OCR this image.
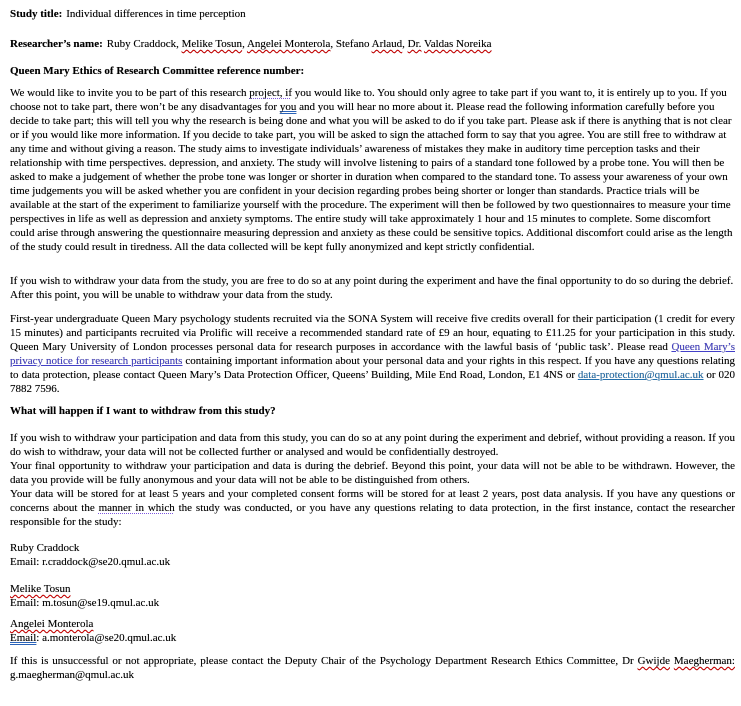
Study title: Individual differences in time perception

Researcher’s name: Ruby Craddock, Melike Tosun, Angelei Monterola, Stefano Arlaud, Dr. Valdas Noreika

Queen Mary Ethics of Research Committee reference number:

We would like to invite you to be part of this research project, if you would like to. You should only agree to take part if you want to, it is entirely up to you. If you choose not to take part, there won’t be any disadvantages for you and you will hear no more about it. Please read the following information carefully before you decide to take part; this will tell you why the research is being done and what you will be asked to do if you take part. Please ask if there is anything that is not clear or if you would like more information. If you decide to take part, you will be asked to sign the attached form to say that you agree. You are still free to withdraw at any time and without giving a reason. The study aims to investigate individuals’ awareness of mistakes they make in auditory time perception tasks and their relationship with time perspectives. depression, and anxiety. The study will involve listening to pairs of a standard tone followed by a probe tone. You will then be asked to make a judgement of whether the probe tone was longer or shorter in duration when compared to the standard tone. To assess your awareness of your own time judgements you will be asked whether you are confident in your decision regarding probes being shorter or longer than standards. Practice trials will be available at the start of the experiment to familiarize yourself with the procedure. The experiment will then be followed by two questionnaires to measure your time perspectives in life as well as depression and anxiety symptoms. The entire study will take approximately 1 hour and 15 minutes to complete. Some discomfort could arise through answering the questionnaire measuring depression and anxiety as these could be sensitive topics. Additional discomfort could arise as the length of the study could result in tiredness. All the data collected will be kept fully anonymized and kept strictly confidential.

If you wish to withdraw your data from the study, you are free to do so at any point during the experiment and have the final opportunity to do so during the debrief. After this point, you will be unable to withdraw your data from the study.

First-year undergraduate Queen Mary psychology students recruited via the SONA System will receive five credits overall for their participation (1 credit for every 15 minutes) and participants recruited via Prolific will receive a recommended standard rate of £9 an hour, equating to £11.25 for your participation in this study. Queen Mary University of London processes personal data for research purposes in accordance with the lawful basis of ‘public task’. Please read Queen Mary’s privacy notice for research participants containing important information about your personal data and your rights in this respect. If you have any questions relating to data protection, please contact Queen Mary’s Data Protection Officer, Queens’ Building, Mile End Road, London, E1 4NS or data-protection@qmul.ac.uk or 020 7882 7596.

What will happen if I want to withdraw from this study?

If you wish to withdraw your participation and data from this study, you can do so at any point during the experiment and debrief, without providing a reason. If you do wish to withdraw, your data will not be collected further or analysed and would be confidentially destroyed.
Your final opportunity to withdraw your participation and data is during the debrief. Beyond this point, your data will not be able to be withdrawn. However, the data you provide will be fully anonymous and your data will not be able to be distinguished from others.
Your data will be stored for at least 5 years and your completed consent forms will be stored for at least 2 years, post data analysis. If you have any questions or concerns about the manner in which the study was conducted, or you have any questions relating to data protection, in the first instance, contact the researcher responsible for the study:
Ruby Craddock
Email: r.craddock@se20.qmul.ac.uk
Melike Tosun
Email: m.tosun@se19.qmul.ac.uk
Angelei Monterola
Email: a.monterola@se20.qmul.ac.uk

If this is unsuccessful or not appropriate, please contact the Deputy Chair of the Psychology Department Research Ethics Committee, Dr Gwijde Maegherman: g.maegherman@qmul.ac.uk
